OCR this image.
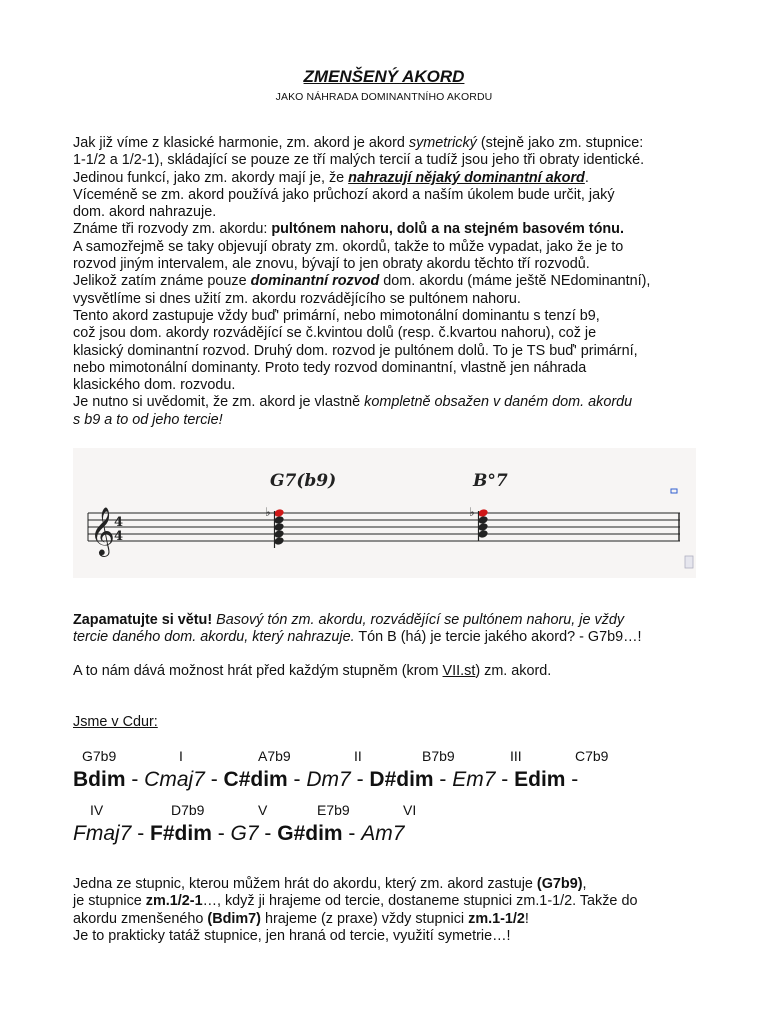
ZMENŠENÝ AKORD
JAKO NÁHRADA DOMINANTNÍHO AKORDU

Jak již víme z klasické harmonie, zm. akord je akord symetrický (stejně jako zm. stupnice:

1-1/2 a 1/2-1), skládající se pouze ze tří malých tercií a tudíž jsou jeho tři obraty identické.

Jedinou funkcí, jako zm. akordy mají je, že nahrazují nějaký dominantní akord.

Víceméně se zm. akord používá jako průchozí akord a naším úkolem bude určit, jaký

dom. akord nahrazuje.

Známe tři rozvody zm. akordu: pultónem nahoru, dolů a na stejném basovém tónu.

A samozřejmě se taky objevují obraty zm. okordů, takže to může vypadat, jako že je to

rozvod jiným intervalem, ale znovu, bývají to jen obraty akordu těchto tří rozvodů.

Jelikož zatím známe pouze dominantní rozvod dom. akordu (máme ještě NEdominantní),

vysvětlíme si dnes užití zm. akordu rozvádějícího se pultónem nahoru.

Tento akord zastupuje vždy buď' primární, nebo mimotonální dominantu s tenzí b9,

což jsou dom. akordy rozvádějící se č.kvintou dolů (resp. č.kvartou nahoru), což je

klasický dominantní rozvod. Druhý dom. rozvod je pultónem dolů. To je TS buď' primární,

nebo mimotonální dominanty. Proto tedy rozvod dominantní, vlastně jen náhrada

klasického dom. rozvodu.

Je nutno si uvědomit, že zm. akord je vlastně kompletně obsažen v daném dom. akordu

s b9 a to od jeho tercie!

𝄞 4
4
G7(b9)	B°7
♭	♭

Zapamatujte si větu! Basový tón zm. akordu, rozvádějící se pultónem nahoru, je vždy

tercie daného dom. akordu, který nahrazuje. Tón B (há) je tercie jakého akord? - G7b9…!

A to nám dává možnost hrát před každým stupněm (krom VII.st) zm. akord.

Jsme v Cdur:

G7b9	I	A7b9	II	B7b9	III	C7b9
Bdim - Cmaj7 - C#dim - Dm7 - D#dim - Em7 - Edim -
IV	D7b9	V	E7b9	VI
Fmaj7 - F#dim - G7 - G#dim - Am7

Jedna ze stupnic, kterou můžem hrát do akordu, který zm. akord zastuje (G7b9),

je stupnice zm.1/2-1…, když ji hrajeme od tercie, dostaneme stupnici zm.1-1/2. Takže do

akordu zmenšeného (Bdim7) hrajeme (z praxe) vždy stupnici zm.1-1/2!

Je to prakticky tatáž stupnice, jen hraná od tercie, využití symetrie…!
